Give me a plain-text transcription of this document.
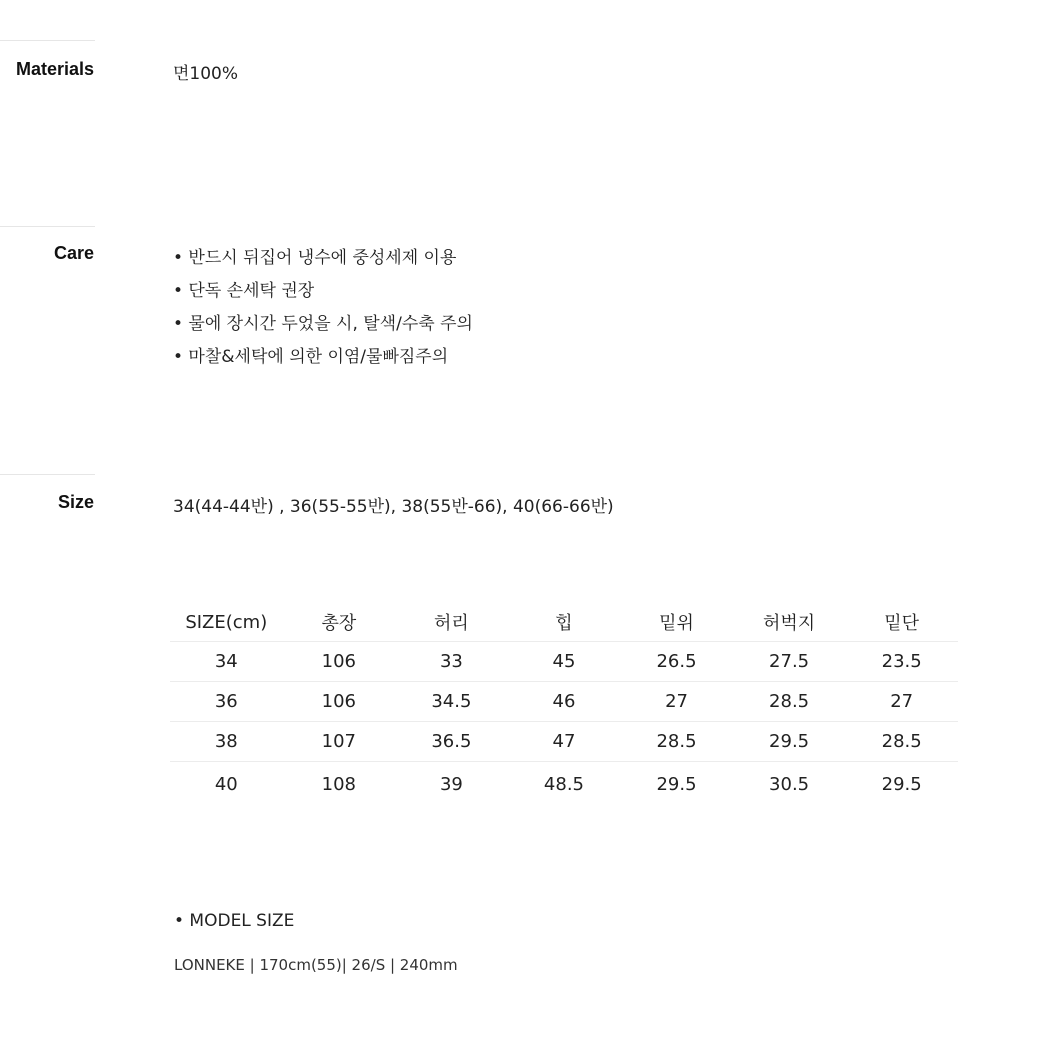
Materials	면100%
Care	• 반드시 뒤집어 냉수에 중성세제 이용
• 단독 손세탁 권장
• 물에 장시간 두었을 시, 탈색/수축 주의
• 마찰&세탁에 의한 이염/물빠짐주의
Size	34(44-44반) , 36(55-55반), 38(55반-66), 40(66-66반)
SIZE(cm)	총장	허리	힙	밑위	허벅지	밑단
34	106	33	45	26.5	27.5	23.5
36	106	34.5	46	27	28.5	27
38	107	36.5	47	28.5	29.5	28.5
40	108	39	48.5	29.5	30.5	29.5
• MODEL SIZE
LONNEKE | 170cm(55)| 26/S | 240mm
